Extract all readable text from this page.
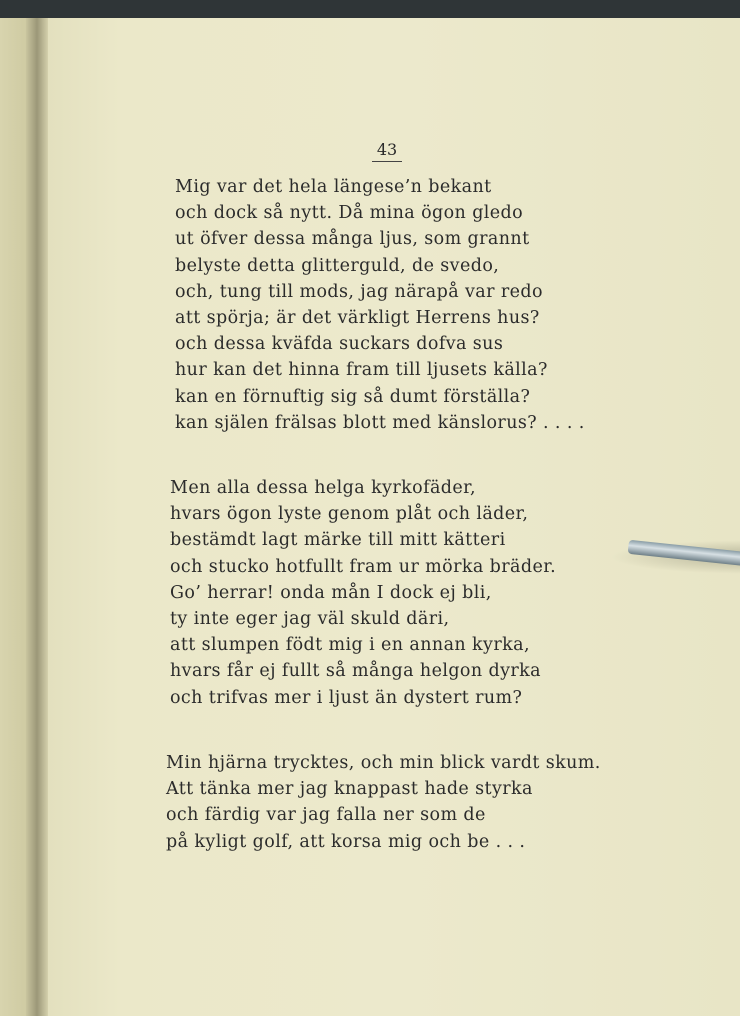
43
Mig var det hela längese’n bekant
och dock så nytt. Då mina ögon gledo
ut öfver dessa många ljus, som grannt
belyste detta glitterguld, de svedo,
och, tung till mods, jag närapå var redo
att spörja; är det värkligt Herrens hus?
och dessa kväfda suckars dofva sus
hur kan det hinna fram till ljusets källa?
kan en förnuftig sig så dumt förställa?
kan själen frälsas blott med känslorus? . . . .
Men alla dessa helga kyrkofäder,
hvars ögon lyste genom plåt och läder,
bestämdt lagt märke till mitt kätteri
och stucko hotfullt fram ur mörka bräder.
Go’ herrar! onda mån I dock ej bli,
ty inte eger jag väl skuld däri,
att slumpen födt mig i en annan kyrka,
hvars får ej fullt så många helgon dyrka
och trifvas mer i ljust än dystert rum?
Min hjärna trycktes, och min blick vardt skum.
Att tänka mer jag knappast hade styrka
och färdig var jag falla ner som de
på kyligt golf, att korsa mig och be . . .
